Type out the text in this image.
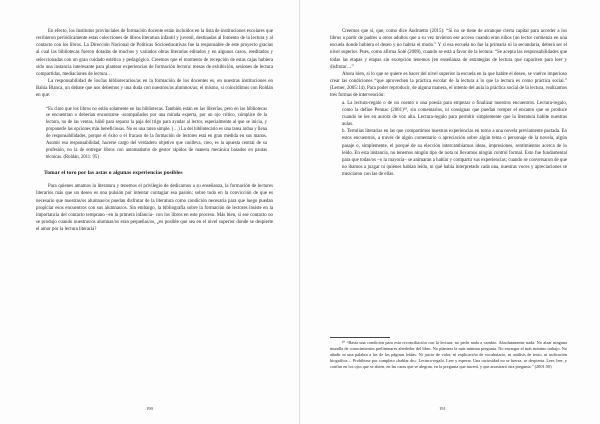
En efecto, los Institutos provinciales de formación docente están incluidos en la lista de instituciones escolares que recibieron periódicamente estas colecciones de libros literatura infantil y juvenil, destinadas al fomento de la lectura y al contacto con los libros. La Dirección Nacional de Políticas Socioeducativas fue la responsable de este proyecto gracias al cual las bibliotecas fueron dotadas de muchos y variados obras literarias editados y en algunos casos, reeditados y seleccionadas con un gran cuidado estético y pedagógico. Creemos que el momento de recepción de estas cajas hubiera sido una instancia interesante para plantear experiencias de formación lectora: mesas de exhibición, sesiones de lectura compartidas, mediaciones de lectura…

La responsabilidad de los/las bibliotecarios/as en la formación de los docentes es, en nuestras instituciones en Bahía Blanca, un debate que nos debemos y una duda con nuestros/as alumnos/as; el mismo, si coincidimos con Roldán en que:

“Es claro que los libros no están solamente en las bibliotecas. También están en las librerías, pero en las bibliotecas se encuentran o deberían encontrarse -acompañados por una mirada experta, por un ojo crítico, cómplice de la lectura, no de las ventas, hábil para separar la paja del trigo para ayudar al lector, especialmente al que se inicia, y proponerle las opciones más beneficiosas. No es una tarea simple. (…) La del bibliotecario es una tarea ardua y llena de responsabilidades, porque el éxito o el fracaso de la formación de lectores está en gran medida en sus manos. Asumir esa responsabilidad, hacerse cargo del verdadero objetivo que conlleva, creo, es la apuesta central de su profesión, no la de entregar libros con automatismo de gestor rápidos de manera mecánica basados en pautas técnicas. (Roldán, 2011: 95)

Tomar el toro por las astas o algunas experiencias posibles

Para quienes amamos la literatura y tenemos el privilegio de dedicarnos a su enseñanza, la formación de lectores literarios más que un deseo es una pulsión por intentar contagiar esa pasión; sobre todo en la convicción de que es necesario que nuestras/os alumnas/os puedan disfrutar de la literatura como condición necesaria para que luego puedan propiciar esos encuentros con sus alumnas/os. Sin embargo, la bibliografía sobre la formación de lectores insiste en la importancia del contacto temprano –en la primera infancia– con los libros en este proceso. Más bien, si ese contacto no se produjo cuando nuestras/os alumnas/os eran pequeñas/os, ¿es posible que sea en el nivel superior donde se despierte el amor por la lectura literaria?

190

Creemos que sí, que, como dice Andruetto (2015): “Si no se tiene de arranque cierta capital para acceder a los libros a partir de padres u otros adultos que a su vez tuvieron ese acceso cuando eran niños (un lector comienza en una escuela donde hubiera el deseo y no habría el modo.” Y si esa escuela no fue la primaria ni la secundaria, deberá ser el nivel superior. Pues, como afirma Solé (2009), cuando se está a favor de la lectura: “Se acepta las responsabilidades que todas las etapas y etapas sin excepción tenemos (en enseñanza de estrategias de lectura que capaciten para leer y disfrutar…”

Ahora bien, si lo que se quiere es hacer del nivel superior la escuela en la que habite el deseo, se vuelve imperioso crear las condiciones “que aprovechen la práctica escolar de la lectura a lo que la lectura es como práctica social.” (Lerner, 2005:14). Para poder reproducir, de alguna manera, el intento del aula la práctica social de la lectura, realizamos tres formas de intervención:

a. La lectura-regalo o de un cuento o una poesía para empezar o finalizar nuestros encuentros. Lectura-regalo, como la define Pennac (2001)¹⁰, sin comentarios, ni consignas que puedan romper el encanto que se produce cuando se lee en aurora de voz alta. Lectura-regalo para permitir simplemente que la literatura habite nuestras aulas.

b. Tertulias literarias en las que compartimos nuestras experiencias en torno a una novela previamente pactada. En estos encuentros, a través de algún comentario o apreciación sobre algún tema o personaje de la novela, algún pasaje o, simplemente, el porqué de su elección intercambiamos ideas, impresiones, sentimientos acerca de lo leído. En esta instancia, no tenemos ningún tipo de nota ni llevamos ningún control formal. Esto fue fundamental para que todas/os –o la mayoría– se animaran a hablar y compartir sus experiencias; cuando se conversaron de que no íbamos a juzgar ni quiénes habían leído, ni qué había interpretado cada una, nuestras voces y apreciaciones se mezclaron con las de ellas.

¹⁰ “Basta una condición para esta reconciliación con la lectura: no pedir nada a cambio. Absolutamente nada. No alzar ninguna muralla de conocimientos preliminares alrededor del libro. No plantear la más mínima pregunta. No encargar el más mínimo trabajo. No añadir ni una palabra a las de las páginas leídas. Ni juicio de valor, ni explicación de vocabulario, ni análisis de texto, ni indicación biográfica… Prohibirse por completo «hablar de». Lectura-regalo. Leer y esperar. Una curiosidad no se fuerza, se despierta. Leer, leer, y confiar en los ojos que se abren, en las caras que se alegran, en la pregunta que nacerá, y que arrastrará otra pregunta.” (2001:50)

191
